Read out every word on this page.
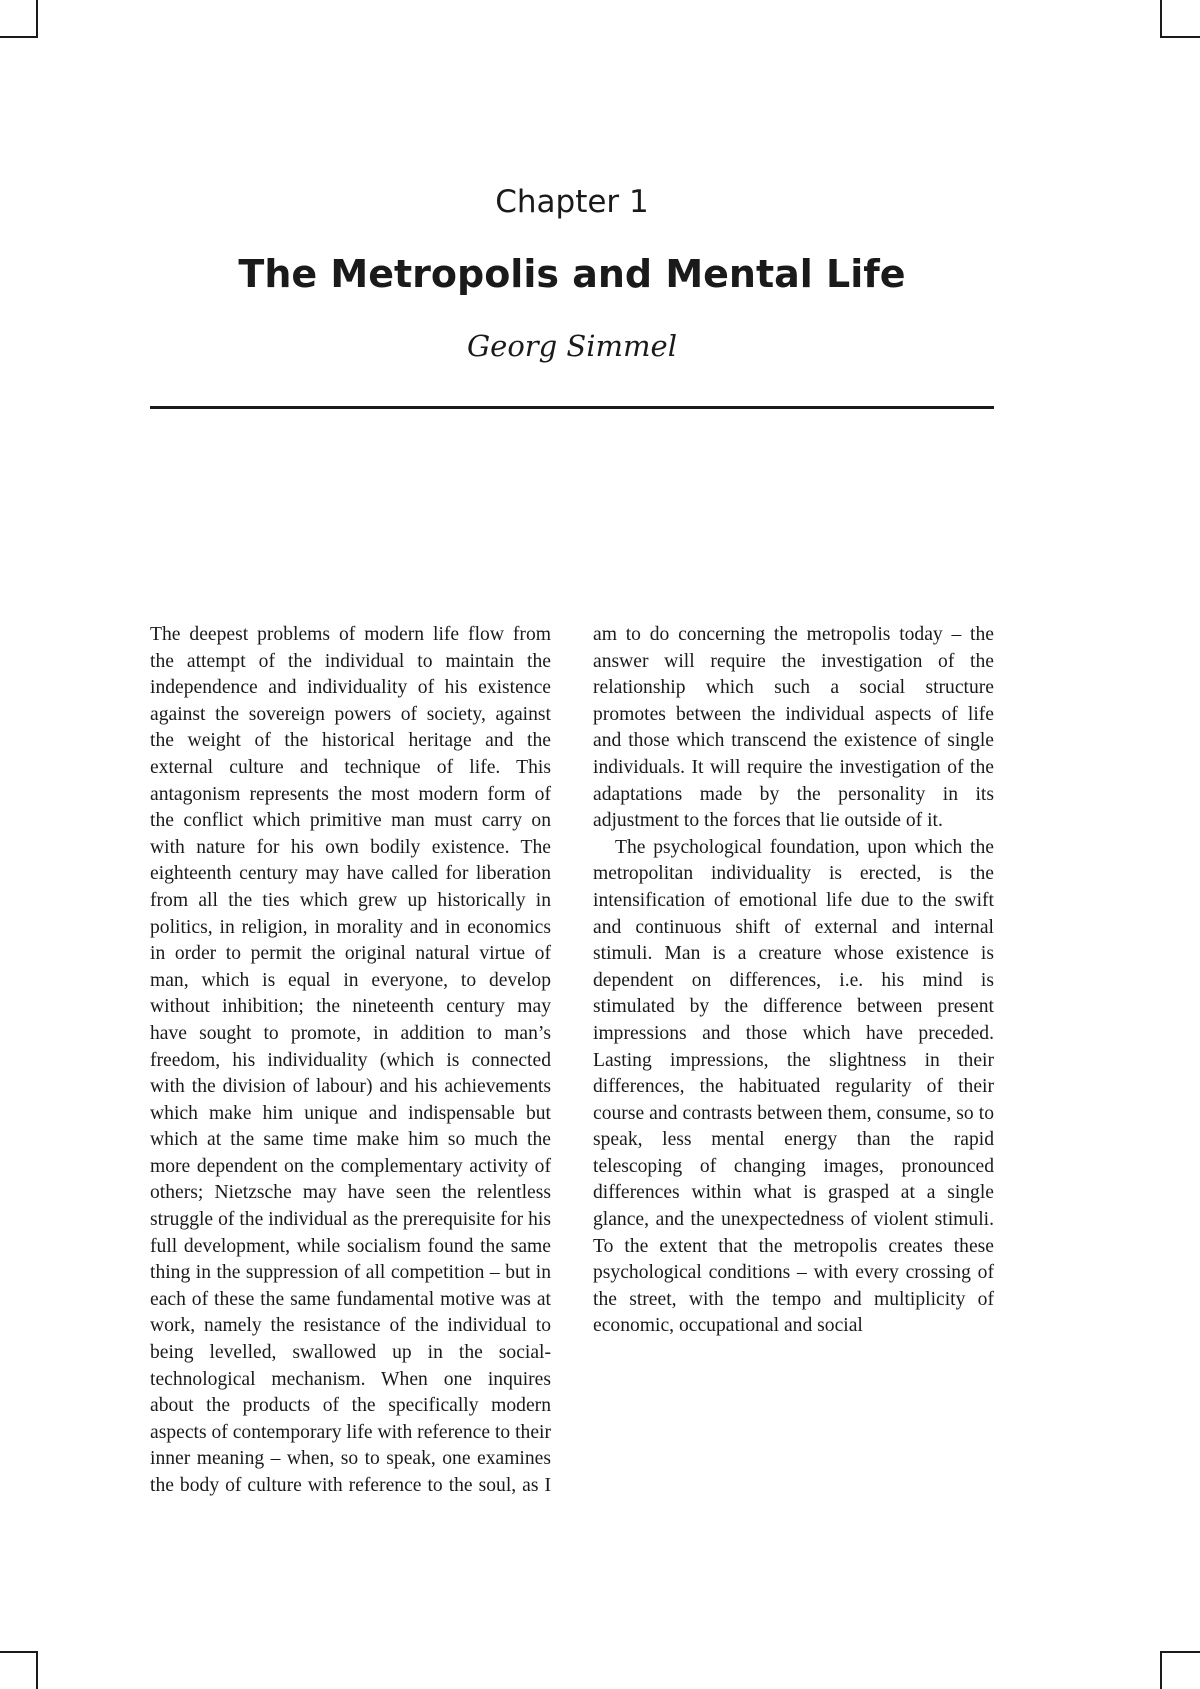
Chapter 1
The Metropolis and Mental Life
Georg Simmel

The deepest problems of modern life flow from the attempt of the individual to maintain the independence and individuality of his existence against the sovereign powers of society, against the weight of the historical heritage and the external culture and technique of life. This antagonism represents the most modern form of the conflict which primitive man must carry on with nature for his own bodily existence. The eighteenth century may have called for liberation from all the ties which grew up historically in politics, in religion, in morality and in economics in order to permit the original natural virtue of man, which is equal in everyone, to develop without inhibition; the nineteenth century may have sought to promote, in addition to man’s freedom, his individuality (which is connected with the division of labour) and his achievements which make him unique and indispensable but which at the same time make him so much the more dependent on the complementary activity of others; Nietzsche may have seen the relentless struggle of the individual as the prerequisite for his full development, while socialism found the same thing in the suppression of all competition – but in each of these the same fundamental motive was at work, namely the resistance of the individual to being levelled, swallowed up in the social-technological mechanism. When one inquires about the products of the specifically modern aspects of contemporary life with reference to their inner meaning – when, so to speak, one examines the body of culture with reference to the soul, as I am to do concerning the metropolis today – the answer will require the investigation of the relationship which such a social structure promotes between the individual aspects of life and those which transcend the existence of single individuals. It will require the investigation of the adaptations made by the personality in its adjustment to the forces that lie outside of it.

The psychological foundation, upon which the metropolitan individuality is erected, is the intensification of emotional life due to the swift and continuous shift of external and internal stimuli. Man is a creature whose existence is dependent on differences, i.e. his mind is stimulated by the difference between present impressions and those which have preceded. Lasting impressions, the slightness in their differences, the habituated regularity of their course and contrasts between them, consume, so to speak, less mental energy than the rapid telescoping of changing images, pronounced differences within what is grasped at a single glance, and the unexpectedness of violent stimuli. To the extent that the metropolis creates these psychological conditions – with every crossing of the street, with the tempo and multiplicity of economic, occupational and social
